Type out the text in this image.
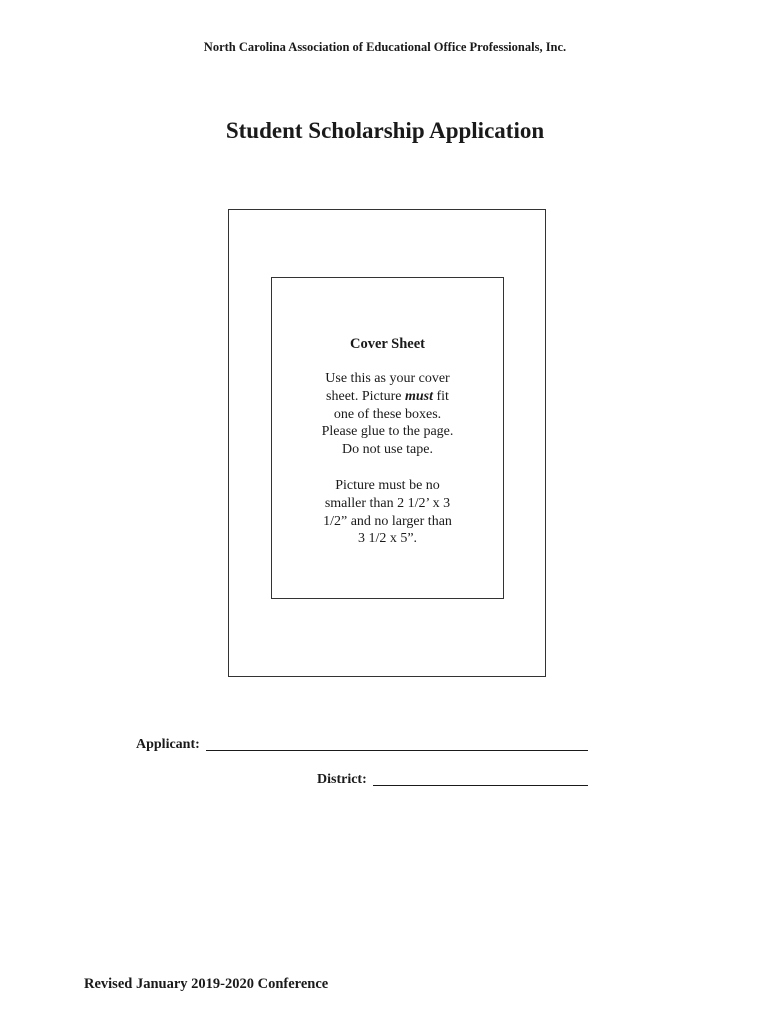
North Carolina Association of Educational Office Professionals, Inc.
Student Scholarship Application
Cover Sheet
Use this as your cover
sheet. Picture must fit
one of these boxes.
Please glue to the page.
Do not use tape.
Picture must be no
smaller than 2 1/2’ x 3
1/2” and no larger than
3 1/2 x 5”.
Applicant:
District:
Revised January 2019-2020 Conference
